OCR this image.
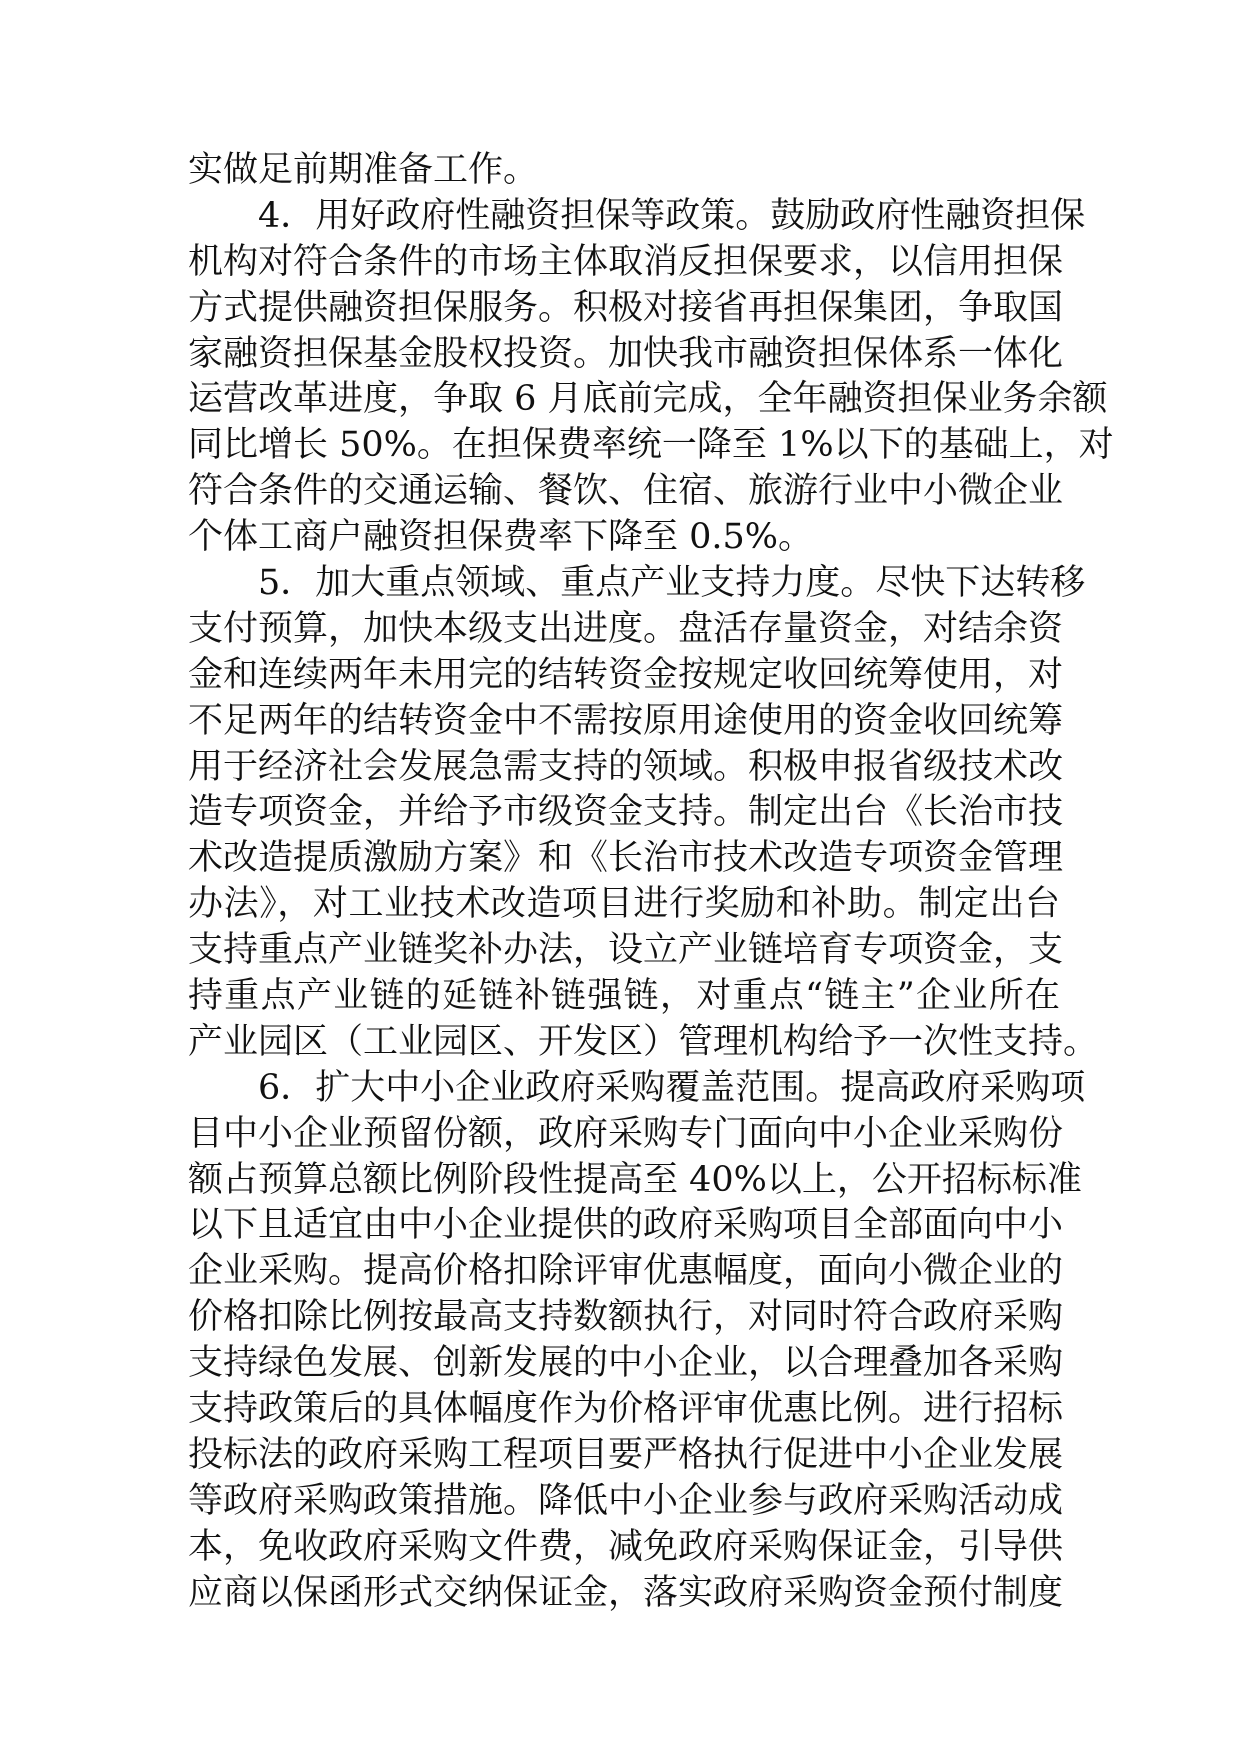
实做足前期准备工作。
4．用好政府性融资担保等政策。鼓励政府性融资担保
机构对符合条件的市场主体取消反担保要求，以信用担保
方式提供融资担保服务。积极对接省再担保集团，争取国
家融资担保基金股权投资。加快我市融资担保体系一体化
运营改革进度，争取 6 月底前完成，全年融资担保业务余额
同比增长 50%。在担保费率统一降至 1%以下的基础上，对
符合条件的交通运输、餐饮、住宿、旅游行业中小微企业
个体工商户融资担保费率下降至 0.5%。
5．加大重点领域、重点产业支持力度。尽快下达转移
支付预算，加快本级支出进度。盘活存量资金，对结余资
金和连续两年未用完的结转资金按规定收回统筹使用，对
不足两年的结转资金中不需按原用途使用的资金收回统筹
用于经济社会发展急需支持的领域。积极申报省级技术改
造专项资金，并给予市级资金支持。制定出台《长治市技
术改造提质激励方案》和《长治市技术改造专项资金管理
办法》，对工业技术改造项目进行奖励和补助。制定出台
支持重点产业链奖补办法，设立产业链培育专项资金，支
持重点产业链的延链补链强链，对重点“链主”企业所在
产业园区（工业园区、开发区）管理机构给予一次性支持。
6．扩大中小企业政府采购覆盖范围。提高政府采购项
目中小企业预留份额，政府采购专门面向中小企业采购份
额占预算总额比例阶段性提高至 40%以上，公开招标标准
以下且适宜由中小企业提供的政府采购项目全部面向中小
企业采购。提高价格扣除评审优惠幅度，面向小微企业的
价格扣除比例按最高支持数额执行，对同时符合政府采购
支持绿色发展、创新发展的中小企业，以合理叠加各采购
支持政策后的具体幅度作为价格评审优惠比例。进行招标
投标法的政府采购工程项目要严格执行促进中小企业发展
等政府采购政策措施。降低中小企业参与政府采购活动成
本，免收政府采购文件费，减免政府采购保证金，引导供
应商以保函形式交纳保证金，落实政府采购资金预付制度
